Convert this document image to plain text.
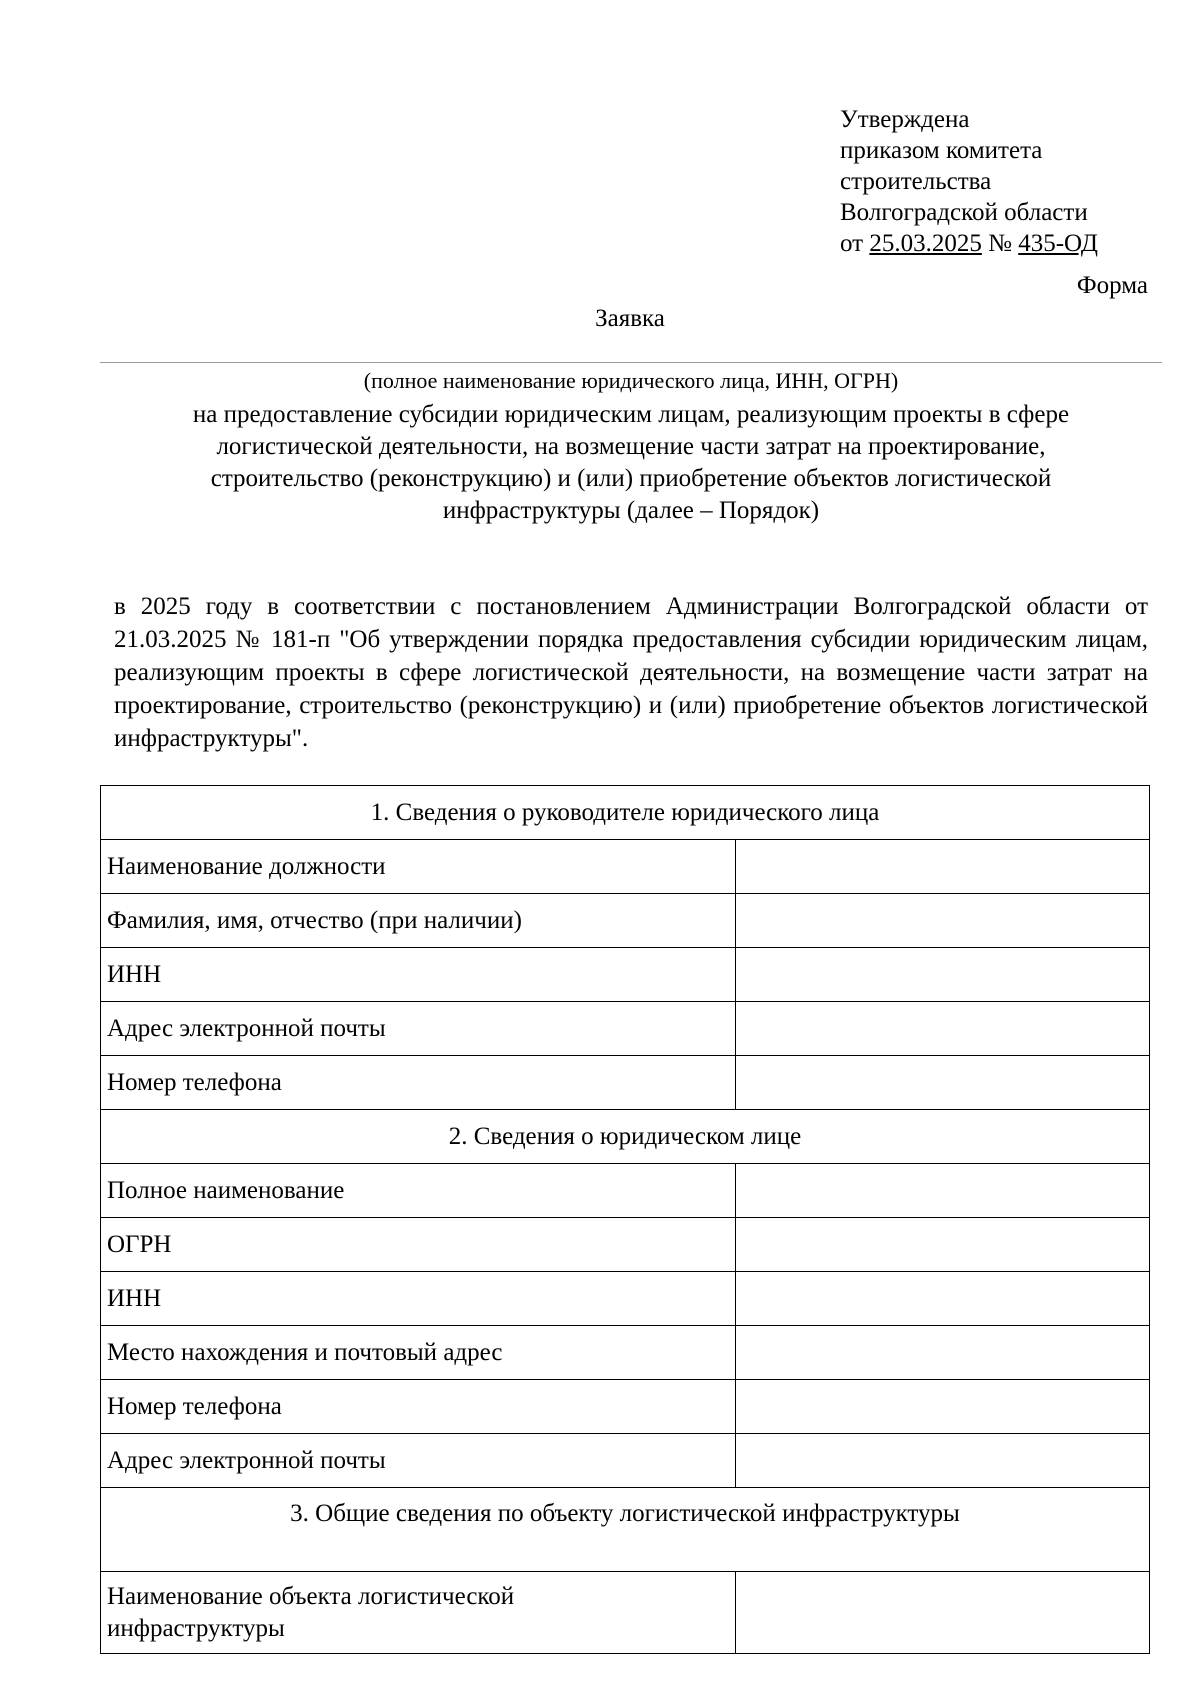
Утверждена
приказом комитета
строительства
Волгоградской области
от 25.03.2025 № 435-ОД
Форма
Заявка
(полное наименование юридического лица, ИНН, ОГРН)
на предоставление субсидии юридическим лицам, реализующим проекты в сфере
логистической деятельности, на возмещение части затрат на проектирование,
строительство (реконструкцию) и (или) приобретение объектов логистической
инфраструктуры (далее – Порядок)
в 2025 году в соответствии с постановлением Администрации Волгоградской области от 21.03.2025 № 181-п "Об утверждении порядка предоставления субсидии юридическим лицам, реализующим проекты в сфере логистической деятельности, на возмещение части затрат на проектирование, строительство (реконструкцию) и (или) приобретение объектов логистической инфраструктуры".
1. Сведения о руководителе юридического лица	
Наименование должности	
Фамилия, имя, отчество (при наличии)	
ИНН	
Адрес электронной почты	
Номер телефона	
2. Сведения о юридическом лице	
Полное наименование	
ОГРН	
ИНН	
Место нахождения и почтовый адрес	
Номер телефона	
Адрес электронной почты	
3. Общие сведения по объекту логистической инфраструктуры	

Наименование объекта логистической
инфраструктуры	
